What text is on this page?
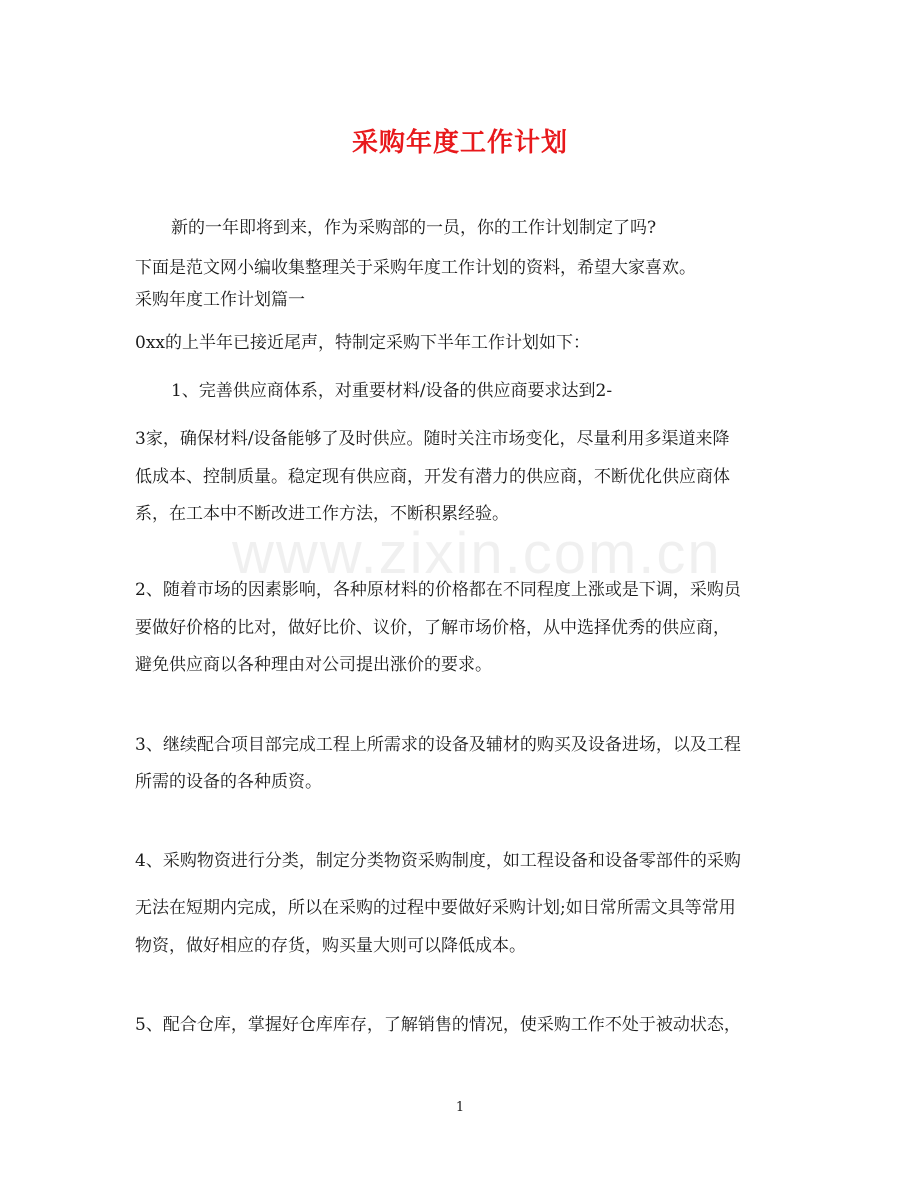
www.zixin.com.cn
采购年度工作计划
新的一年即将到来，作为采购部的一员，你的工作计划制定了吗?
下面是范文网小编收集整理关于采购年度工作计划的资料，希望大家喜欢。
采购年度工作计划篇一
0xx的上半年已接近尾声，特制定采购下半年工作计划如下：
1、完善供应商体系，对重要材料/设备的供应商要求达到2-
3家，确保材料/设备能够了及时供应。随时关注市场变化，尽量利用多渠道来降
低成本、控制质量。稳定现有供应商，开发有潜力的供应商，不断优化供应商体
系，在工本中不断改进工作方法，不断积累经验。
2、随着市场的因素影响，各种原材料的价格都在不同程度上涨或是下调，采购员
要做好价格的比对，做好比价、议价，了解市场价格，从中选择优秀的供应商，
避免供应商以各种理由对公司提出涨价的要求。
3、继续配合项目部完成工程上所需求的设备及辅材的购买及设备进场，以及工程
所需的设备的各种质资。
4、采购物资进行分类，制定分类物资采购制度，如工程设备和设备零部件的采购
无法在短期内完成，所以在采购的过程中要做好采购计划;如日常所需文具等常用
物资，做好相应的存货，购买量大则可以降低成本。
5、配合仓库，掌握好仓库库存，了解销售的情况，使采购工作不处于被动状态，
1
